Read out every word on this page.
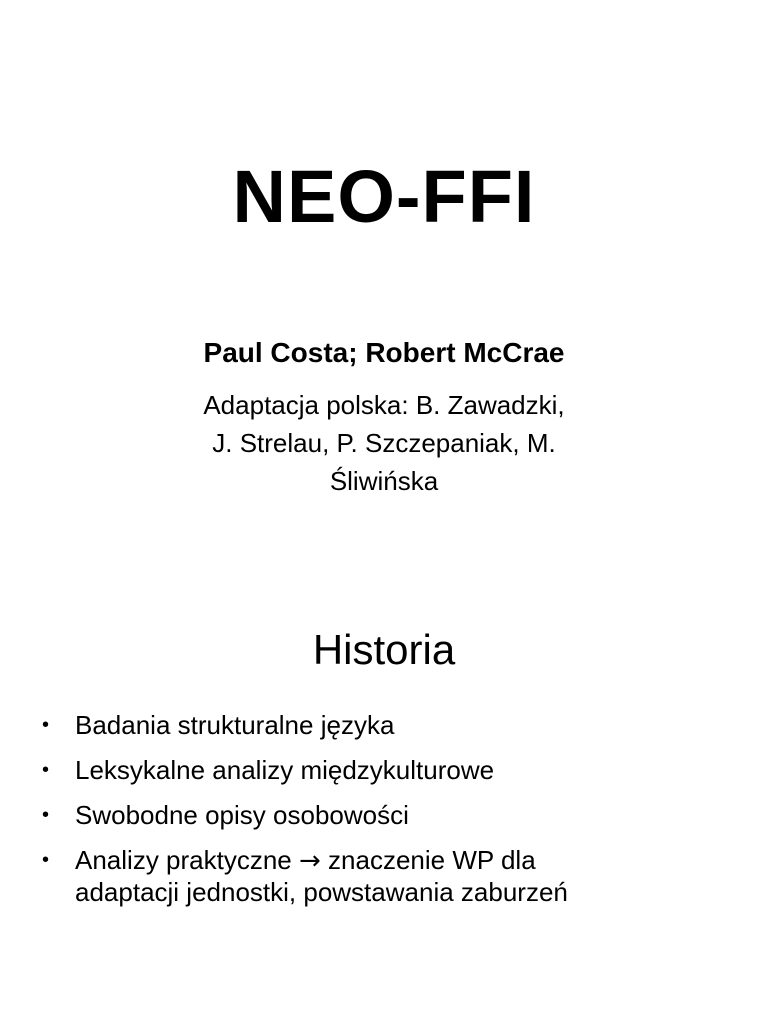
NEO-FFI
Paul Costa; Robert McCrae
Adaptacja polska: B. Zawadzki,
J. Strelau, P. Szczepaniak, M.
Śliwińska
Historia
• Badania strukturalne języka
• Leksykalne analizy międzykulturowe
• Swobodne opisy osobowości
• Analizy praktyczne → znaczenie WP dla
adaptacji jednostki, powstawania zaburzeń
